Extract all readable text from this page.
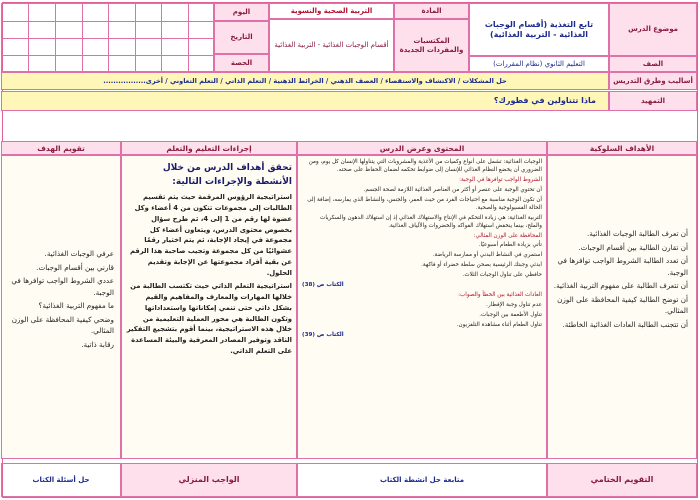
موضوع الدرس
تابع التغذية (أقسام الوجبات الغذائية - التربية الغذائية)
الصف
التعليم الثانوي (نظام المقررات)
المادة
التربية الصحية والنسوية
المكتسبات والمفردات الجديدة
أقسام الوجبات الغذائية - التربية الغذائية
اليوم
التاريخ
الحصة
أساليب وطرق التدريس
حل المشكلات / الاكتشاف والاستقصاء / العصف الذهني / الخرائط الذهنية / التعلم الذاتي / التعلم التعاوني / أخرى.................
التمهيد
ماذا تتناولين في فطورك؟
الأهداف السلوكية
المحتوى وعرض الدرس
إجراءات التعليم والتعلم
تقويم الهدف

أن تعرف الطالبة الوجبات الغذائية.

أن تقارن الطالبة بين أقسام الوجبات.

أن تعدد الطالبة الشروط الواجب توافرها في الوجبة.

أن تتعرف الطالبة على مفهوم التربية الغذائية.

أن توضح الطالبة كيفية المحافظة على الوزن المثالي.

أن تتجنب الطالبة العادات الغذائية الخاطئة.

الوجبات الغذائية: تشمل على أنواع وكميات من الأغذية والمشروبات التي يتناولها الإنسان كل يوم، ومن الضروري أن يخضع النظام الغذائي للإنسان إلى ضوابط تحكمه لضمان الحفاظ على صحته.

الشروط الواجب توافرها في الوجبة:

أن تحتوي الوجبة على عنصر أو أكثر من العناصر الغذائية اللازمة لصحة الجسم.

أن تكون الوجبة مناسبة مع احتياجات الفرد من حيث العمر، والجنس، والنشاط الذي يمارسه، إضافة إلى الحالة الفسيولوجية والصحية.

التربية الغذائية: هي زيادة التحكم في الإنتاج والاستهلاك الغذائي إذ إن استهلاك الدهون والسكريات والملح، بينما ينخفض استهلاك الفواكه والخضروات والألياف الغذائية.

المحافظة على الوزن المثالي:

تأتي بزيادة الطعام أسبوعيًا.

استمري في النشاط البدني أو ممارسة الرياضة.

ابدئي وجبتك الرئيسية بصحن سلطة خضراء أو فاكهة.

حافظي على تناول الوجبات الثلاث.

الكتاب ص (38)

العادات الغذائية بين الخطأ والصواب:

عدم تناول وجبة الإفطار.

تناول الأطعمة بين الوجبات.

تناول الطعام أثناء مشاهدة التلفزيون.

الكتاب ص (39)

تحقق أهداف الدرس من خلال الأنشطة والإجراءات التالية:

استراتيجية الرؤوس المرقمة حيث يتم تقسيم الطالبات إلى مجموعات تتكون من 4 أعضاء وكل عضوة لها رقم من 1 إلى 4، ثم طرح سؤال بخصوص محتوى الدرس، ويتعاون أعضاء كل مجموعة في إيجاد الإجابة، ثم يتم اختيار رقمًا عشوائيًا من كل مجموعة وتجيب صاحبة هذا الرقم عن بقية أفراد مجموعتها عن الإجابة وتقديم الحلول.

استراتيجية التعلم الذاتي حيث تكتسب الطالبة من خلالها المهارات والمعارف والمفاهيم والقيم بشكل ذاتي حتى تنمي إمكاناتها واستعداداتها وتكون الطالبة هي محور العملية التعليمية من خلال هذه الاستراتيجية، بينما أقوم بتشجيع التفكير الناقد وتوفير المصادر المعرفية والبيئة المساعدة على التعلم الذاتي.

عرفي الوجبات الغذائية.

قارني بين أقسام الوجبات.

عددي الشروط الواجب توافرها في الوجبة.

ما مفهوم التربية الغذائية؟

وضحي كيفية المحافظة على الوزن المثالي.

رقابة ذاتية.

التقويم الختامي
متابعة حل انشطة الكتاب
الواجب المنزلي
حل أسئلة الكتاب
